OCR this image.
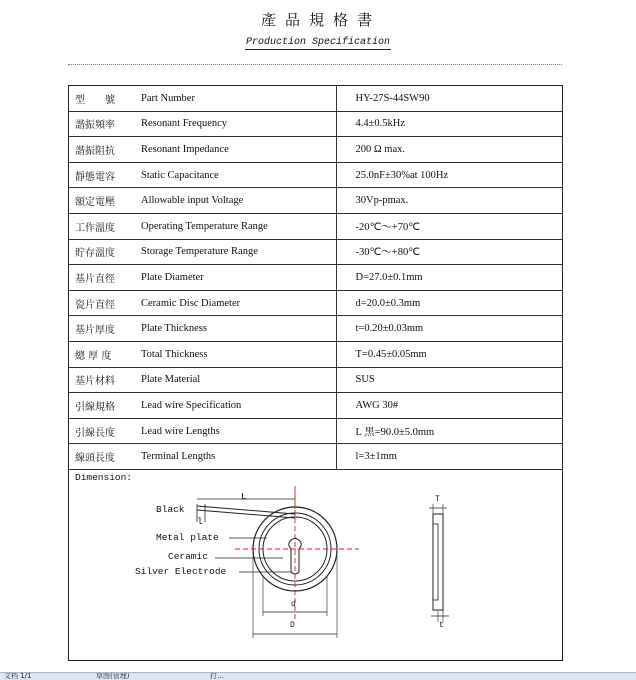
產品規格書
Production Specification
型　　號	Part Number	HY-27S-44SW90
諧振頻率	Resonant Frequency	4.4±0.5kHz
諧振阻抗	Resonant Impedance	200 Ω max.
靜態電容	Static Capacitance	25.0nF±30%at 100Hz
額定電壓	Allowable input Voltage	30Vp-pmax.
工作溫度	Operating Temperature Range	-20℃～+70℃
貯存溫度	Storage Temperature Range	-30℃～+80℃
基片直徑	Plate Diameter	D=27.0±0.1mm
瓷片直徑	Ceramic Disc Diameter	d=20.0±0.3mm
基片厚度	Plate Thickness	t=0.20±0.03mm
總 厚 度	Total Thickness	T=0.45±0.05mm
基片材料	Plate Material	SUS
引線規格	Lead wire Specification	AWG 30#
引線長度	Lead wire Lengths	L 黑=90.0±5.0mm
線頭長度	Terminal Lengths	l=3±1mm
Dimension:
Black
l
L
Metal plate
Ceramic
Silver Electrode
d
D
T
t
文档 1/1	草图(管理)	打…
